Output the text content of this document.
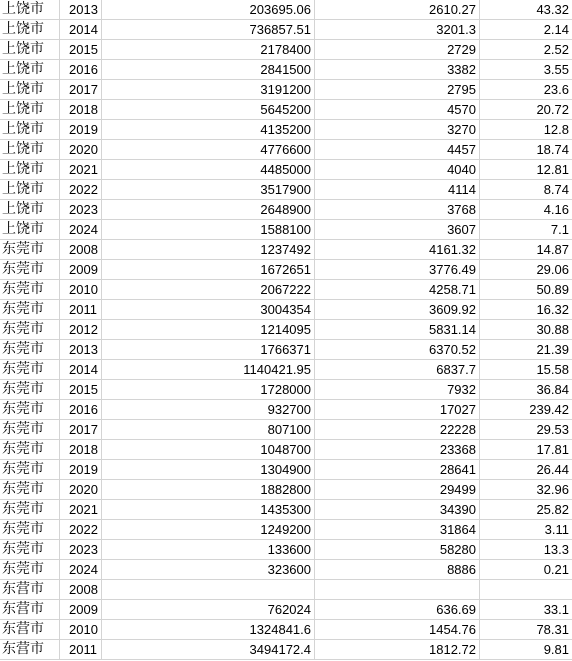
上饶市	2013	203695.06	2610.27	43.32
上饶市	2014	736857.51	3201.3	2.14
上饶市	2015	2178400	2729	2.52
上饶市	2016	2841500	3382	3.55
上饶市	2017	3191200	2795	23.6
上饶市	2018	5645200	4570	20.72
上饶市	2019	4135200	3270	12.8
上饶市	2020	4776600	4457	18.74
上饶市	2021	4485000	4040	12.81
上饶市	2022	3517900	4114	8.74
上饶市	2023	2648900	3768	4.16
上饶市	2024	1588100	3607	7.1
东莞市	2008	1237492	4161.32	14.87
东莞市	2009	1672651	3776.49	29.06
东莞市	2010	2067222	4258.71	50.89
东莞市	2011	3004354	3609.92	16.32
东莞市	2012	1214095	5831.14	30.88
东莞市	2013	1766371	6370.52	21.39
东莞市	2014	1140421.95	6837.7	15.58
东莞市	2015	1728000	7932	36.84
东莞市	2016	932700	17027	239.42
东莞市	2017	807100	22228	29.53
东莞市	2018	1048700	23368	17.81
东莞市	2019	1304900	28641	26.44
东莞市	2020	1882800	29499	32.96
东莞市	2021	1435300	34390	25.82
东莞市	2022	1249200	31864	3.11
东莞市	2023	133600	58280	13.3
东莞市	2024	323600	8886	0.21
东营市	2008			
东营市	2009	762024	636.69	33.1
东营市	2010	1324841.6	1454.76	78.31
东营市	2011	3494172.4	1812.72	9.81
